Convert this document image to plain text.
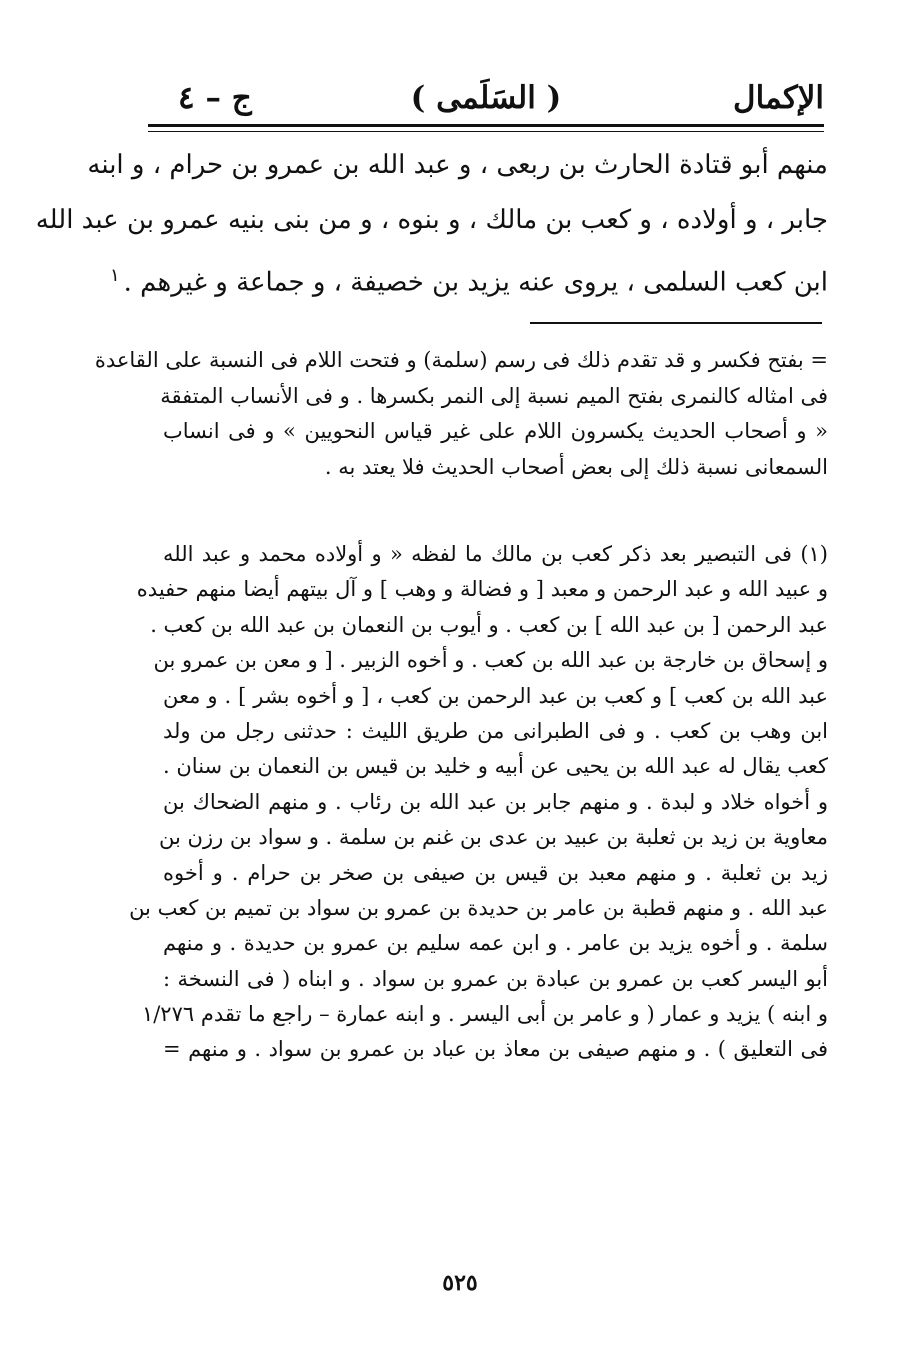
الإكمال
( السَلَمى )
ج – ٤
منهم أبو قتادة الحارث بن ربعى ، و عبد الله بن عمرو بن حرام ، و ابنه
جابر ، و أولاده ، و كعب بن مالك ، و بنوه ، و من بنى بنيه عمرو بن عبد الله
ابن كعب السلمى ، يروى عنه يزيد بن خصيفة ، و جماعة و غيرهم .$^١$
= بفتح فكسر و قد تقدم ذلك فى رسم (سلمة) و فتحت اللام فى النسبة على القاعدة
فى امثاله كالنمرى بفتح الميم نسبة إلى النمر بكسرها . و فى الأنساب المتفقة
« و أصحاب الحديث يكسرون اللام على غير قياس النحويين » و فى انساب
السمعانى نسبة ذلك إلى بعض أصحاب الحديث فلا يعتد به .
(١) فى التبصير بعد ذكر كعب بن مالك ما لفظه « و أولاده محمد و عبد الله
و عبيد الله و عبد الرحمن و معبد [ و فضالة و وهب ] و آل بيتهم أيضا منهم حفيده
عبد الرحمن [ بن عبد الله ] بن كعب . و أيوب بن النعمان بن عبد الله بن كعب .
و إسحاق بن خارجة بن عبد الله بن كعب . و أخوه الزبير . [ و معن بن عمرو بن
عبد الله بن كعب ] و كعب بن عبد الرحمن بن كعب ، [ و أخوه بشر ] . و معن
ابن وهب بن كعب . و فى الطبرانى من طريق الليث : حدثنى رجل من ولد
كعب يقال له عبد الله بن يحيى عن أبيه و خليد بن قيس بن النعمان بن سنان .
و أخواه خلاد و لبدة . و منهم جابر بن عبد الله بن رئاب . و منهم الضحاك بن
معاوية بن زيد بن ثعلبة بن عبيد بن عدى بن غنم بن سلمة . و سواد بن رزن بن
زيد بن ثعلبة . و منهم معبد بن قيس بن صيفى بن صخر بن حرام . و أخوه
عبد الله . و منهم قطبة بن عامر بن حديدة بن عمرو بن سواد بن تميم بن كعب بن
سلمة . و أخوه يزيد بن عامر . و ابن عمه سليم بن عمرو بن حديدة . و منهم
أبو اليسر كعب بن عمرو بن عبادة بن عمرو بن سواد . و ابناه ( فى النسخة :
و ابنه ) يزيد و عمار ( و عامر بن أبى اليسر . و ابنه عمارة – راجع ما تقدم ١/٢٧٦
فى التعليق ) . و منهم صيفى بن معاذ بن عباد بن عمرو بن سواد . و منهم =
٥٢٥
